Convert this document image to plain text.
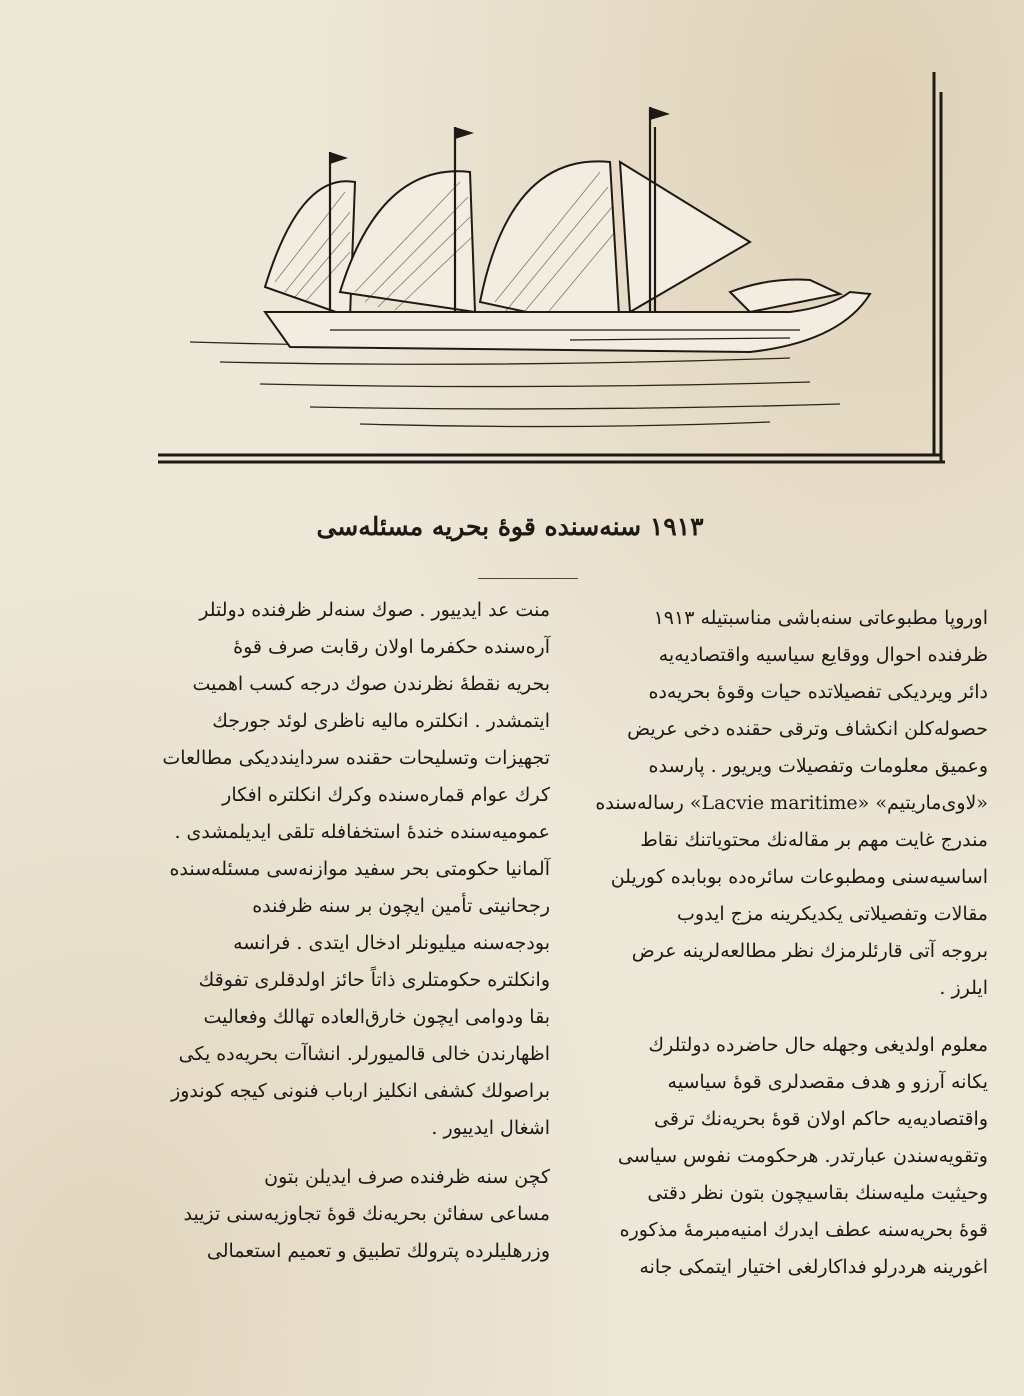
١٩١٣ سنه‌سنده قوهٔ بحریه مسئله‌سی

اوروپا مطبوعاتی سنه‌باشی مناسبتیله ١٩١٣
ظرفنده احوال ووقایع سیاسیه واقتصادیه‌یه
دائر ویردیکی تفصیلاتده حیات وقوهٔ بحریه‌ده
حصوله‌کلن انکشاف وترقی حقنده دخی عریض
وعمیق معلومات وتفصیلات ویریور . پارسده
«لاوی‌ماریتیم» «Lacvie maritime» رساله‌سنده
مندرج غایت مهم بر مقاله‌نك محتویاتنك نقاط
اساسیه‌سنی ومطبوعات سائره‌ده بوبابده کوریلن
مقالات وتفصیلاتی یکدیکرینه مزج ایدوب
بروجه آتی قارئلرمزك نظر مطالعه‌لرینه عرض
ایلرز .

معلوم اولدیغی وجهله حال حاضرده دولتلرك
یکانه آرزو و هدف مقصدلری قوهٔ سیاسیه
واقتصادیه‌یه حاکم اولان قوهٔ بحریه‌نك ترقی
وتقویه‌سندن عبارتدر. هرحکومت نفوس سیاسی
وحیثیت ملیه‌سنك بقاسیچون بتون نظر دقتی
قوهٔ بحریه‌سنه عطف ایدرك امنیه‌مبرمهٔ مذکوره
اغورینه هردرلو فداکارلغی اختیار ایتمکی جانه

منت عد ایدییور . صوك سنه‌لر ظرفنده دولتلر
آره‌سنده حکفرما اولان رقابت صرف قوهٔ
بحریه نقطهٔ نظرندن صوك درجه کسب اهمیت
ایتمشدر . انکلتره مالیه ناظری لوئد جورجك
تجهیزات وتسلیحات حقنده سرداینددیکی مطالعات
کرك عوام قماره‌سنده وکرك انکلتره افکار
عمومیه‌سنده خندهٔ استخفافله تلقی ایدیلمشدی .
آلمانیا حکومتی بحر سفید موازنه‌سی مسئله‌سنده
رجحانیتی تأمین ایچون بر سنه ظرفنده
بودجه‌سنه میلیونلر ادخال ایتدی . فرانسه
وانکلتره حکومتلری ذاتاً حائز اولدقلری تفوقك
بقا ودوامی ایچون خارق‌العاده تهالك وفعالیت
اظهارندن خالی قالمیورلر. انشاآت بحریه‌ده یکی
براصولك کشفی انکلیز ارباب فنونی کیجه کوندوز
اشغال ایدییور .

کچن سنه ظرفنده صرف ایدیلن بتون
مساعی سفائن بحریه‌نك قوهٔ تجاوزیه‌سنی تزیید
وزرهلیلرده پترولك تطبیق و تعمیم استعمالی
